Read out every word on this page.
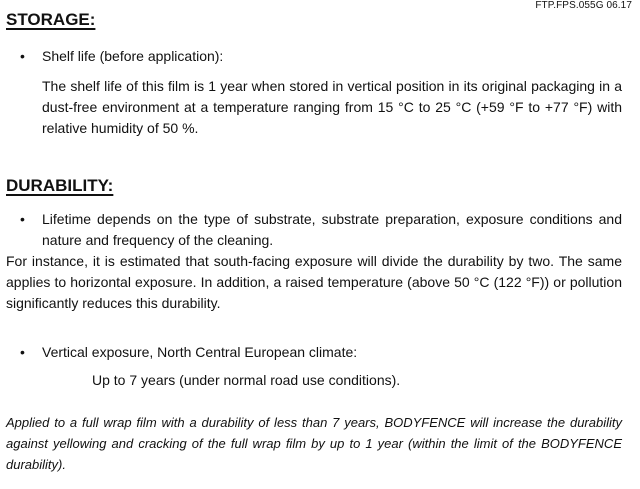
FTP.FPS.055G 06.17
STORAGE:
• Shelf life (before application):
The shelf life of this film is 1 year when stored in vertical position in its original packaging in a dust-free environment at a temperature ranging from 15 °C to 25 °C (+59 °F to +77 °F) with relative humidity of 50 %.
DURABILITY:
• Lifetime depends on the type of substrate, substrate preparation, exposure conditions and nature and frequency of the cleaning.
For instance, it is estimated that south-facing exposure will divide the durability by two. The same applies to horizontal exposure. In addition, a raised temperature (above 50 °C (122 °F)) or pollution significantly reduces this durability.
• Vertical exposure, North Central European climate:
Up to 7 years (under normal road use conditions).
Applied to a full wrap film with a durability of less than 7 years, BODYFENCE will increase the durability against yellowing and cracking of the full wrap film by up to 1 year (within the limit of the BODYFENCE durability).
